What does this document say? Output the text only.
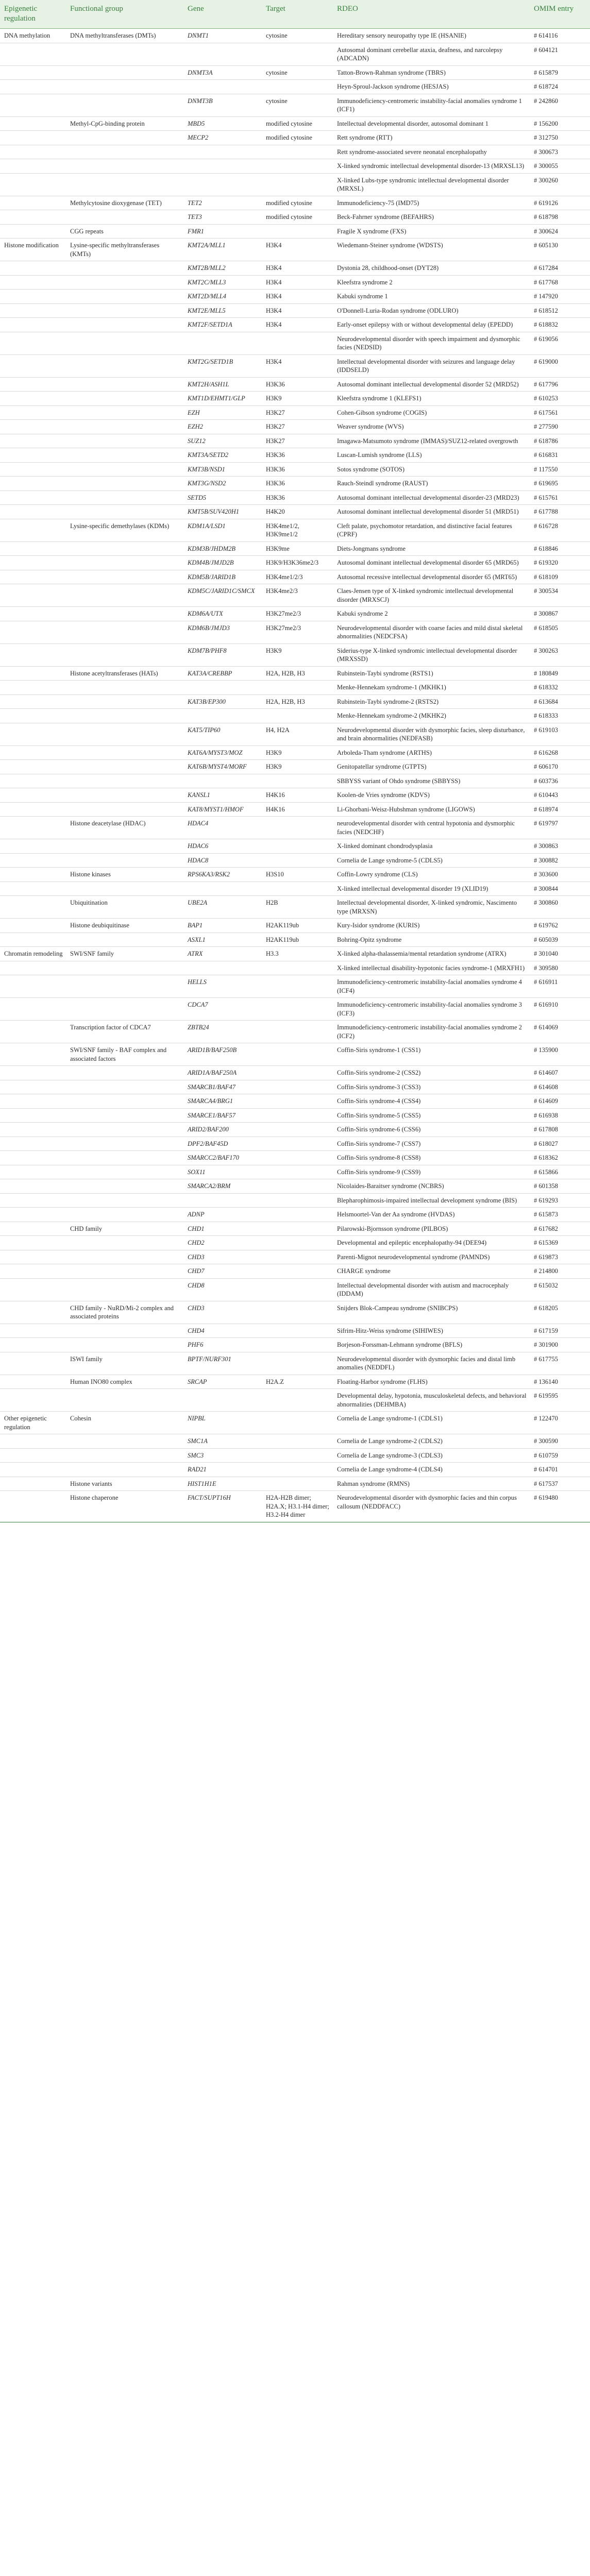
Epigenetic regulation	Functional group	Gene	Target	RDEO	OMIM entry
DNA methylation	DNA methyltransferases (DMTs)	DNMT1	cytosine	Hereditary sensory neuropathy type IE (HSANIE)	# 614116
				Autosomal dominant cerebellar ataxia, deafness, and narcolepsy (ADCADN)	# 604121
		DNMT3A	cytosine	Tatton-Brown-Rahman syndrome (TBRS)	# 615879
				Heyn-Sproul-Jackson syndrome (HESJAS)	# 618724
		DNMT3B	cytosine	Immunodeficiency-centromeric instability-facial anomalies syndrome 1 (ICF1)	# 242860
	Methyl-CpG-binding protein	MBD5	modified cytosine	Intellectual developmental disorder, autosomal dominant 1	# 156200
		MECP2	modified cytosine	Rett syndrome (RTT)	# 312750
				Rett syndrome-associated severe neonatal encephalopathy	# 300673
				X-linked syndromic intellectual developmental disorder-13 (MRXSL13)	# 300055
				X-linked Lubs-type syndromic intellectual developmental disorder (MRXSL)	# 300260
	Methylcytosine dioxygenase (TET)	TET2	modified cytosine	Immunodeficiency-75 (IMD75)	# 619126
		TET3	modified cytosine	Beck-Fahrner syndrome (BEFAHRS)	# 618798
	CGG repeats	FMR1		Fragile X syndrome (FXS)	# 300624
Histone modification	Lysine-specific methyltransferases (KMTs)	KMT2A/MLL1	H3K4	Wiedemann-Steiner syndrome (WDSTS)	# 605130
		KMT2B/MLL2	H3K4	Dystonia 28, childhood-onset (DYT28)	# 617284
		KMT2C/MLL3	H3K4	Kleefstra syndrome 2	# 617768
		KMT2D/MLL4	H3K4	Kabuki syndrome 1	# 147920
		KMT2E/MLL5	H3K4	O'Donnell-Luria-Rodan syndrome (ODLURO)	# 618512
		KMT2F/SETD1A	H3K4	Early-onset epilepsy with or without developmental delay (EPEDD)	# 618832
				Neurodevelopmental disorder with speech impairment and dysmorphic facies (NEDSID)	# 619056
		KMT2G/SETD1B	H3K4	Intellectual developmental disorder with seizures and language delay (IDDSELD)	# 619000
		KMT2H/ASH1L	H3K36	Autosomal dominant intellectual developmental disorder 52 (MRD52)	# 617796
		KMT1D/EHMT1/GLP	H3K9	Kleefstra syndrome 1 (KLEFS1)	# 610253
		EZH	H3K27	Cohen-Gibson syndrome (COGIS)	# 617561
		EZH2	H3K27	Weaver syndrome (WVS)	# 277590
		SUZ12	H3K27	Imagawa-Matsumoto syndrome (IMMAS)/SUZ12-related overgrowth	# 618786
		KMT3A/SETD2	H3K36	Luscan-Lumish syndrome (LLS)	# 616831
		KMT3B/NSD1	H3K36	Sotos syndrome (SOTOS)	# 117550
		KMT3G/NSD2	H3K36	Rauch-Steindl syndrome (RAUST)	# 619695
		SETD5	H3K36	Autosomal dominant intellectual developmental disorder-23 (MRD23)	# 615761
		KMT5B/SUV420H1	H4K20	Autosomal dominant intellectual developmental disorder 51 (MRD51)	# 617788
	Lysine-specific demethylases (KDMs)	KDM1A/LSD1	H3K4me1/2, H3K9me1/2	Cleft palate, psychomotor retardation, and distinctive facial features (CPRF)	# 616728
		KDM3B/JHDM2B	H3K9me	Diets-Jongmans syndrome	# 618846
		KDM4B/JMJD2B	H3K9/H3K36me2/3	Autosomal dominant intellectual developmental disorder 65 (MRD65)	# 619320
		KDM5B/JARID1B	H3K4me1/2/3	Autosomal recessive intellectual developmental disorder 65 (MRT65)	# 618109
		KDM5C/JARID1C/SMCX	H3K4me2/3	Claes-Jensen type of X-linked syndromic intellectual developmental disorder (MRXSCJ)	# 300534
		KDM6A/UTX	H3K27me2/3	Kabuki syndrome 2	# 300867
		KDM6B/JMJD3	H3K27me2/3	Neurodevelopmental disorder with coarse facies and mild distal skeletal abnormalities (NEDCFSA)	# 618505
		KDM7B/PHF8	H3K9	Siderius-type X-linked syndromic intellectual developmental disorder (MRXSSD)	# 300263
	Histone acetyltransferases (HATs)	KAT3A/CREBBP	H2A, H2B, H3	Rubinstein-Taybi syndrome (RSTS1)	# 180849
				Menke-Hennekam syndrome-1 (MKHK1)	# 618332
		KAT3B/EP300	H2A, H2B, H3	Rubinstein-Taybi syndrome-2 (RSTS2)	# 613684
				Menke-Hennekam syndrome-2 (MKHK2)	# 618333
		KAT5/TIP60	H4, H2A	Neurodevelopmental disorder with dysmorphic facies, sleep disturbance, and brain abnormalities (NEDFASB)	# 619103
		KAT6A/MYST3/MOZ	H3K9	Arboleda-Tham syndrome (ARTHS)	# 616268
		KAT6B/MYST4/MORF	H3K9	Genitopatellar syndrome (GTPTS)	# 606170
				SBBYSS variant of Ohdo syndrome (SBBYSS)	# 603736
		KANSL1	H4K16	Koolen-de Vries syndrome (KDVS)	# 610443
		KAT8/MYST1/HMOF	H4K16	Li-Ghorbani-Weisz-Hubshman syndrome (LIGOWS)	# 618974
	Histone deacetylase (HDAC)	HDAC4		neurodevelopmental disorder with central hypotonia and dysmorphic facies (NEDCHF)	# 619797
		HDAC6		X-linked dominant chondrodysplasia	# 300863
		HDAC8		Cornelia de Lange syndrome-5 (CDLS5)	# 300882
	Histone kinases	RPS6KA3/RSK2	H3S10	Coffin-Lowry syndrome (CLS)	# 303600
				X-linked intellectual developmental disorder 19 (XLID19)	# 300844
	Ubiquitination	UBE2A	H2B	Intellectual developmental disorder, X-linked syndromic, Nascimento type (MRXSN)	# 300860
	Histone deubiquitinase	BAP1	H2AK119ub	Kury-Isidor syndrome (KURIS)	# 619762
		ASXL1	H2AK119ub	Bohring-Opitz syndrome	# 605039
Chromatin remodeling	SWI/SNF family	ATRX	H3.3	X-linked alpha-thalassemia/mental retardation syndrome (ATRX)	# 301040
				X-linked intellectual disability-hypotonic facies syndrome-1 (MRXFH1)	# 309580
		HELLS		Immunodeficiency-centromeric instability-facial anomalies syndrome 4 (ICF4)	# 616911
		CDCA7		Immunodeficiency-centromeric instability-facial anomalies syndrome 3 (ICF3)	# 616910
	Transcription factor of CDCA7	ZBTB24		Immunodeficiency-centromeric instability-facial anomalies syndrome 2 (ICF2)	# 614069
	SWI/SNF family - BAF complex and associated factors	ARID1B/BAF250B		Coffin-Siris syndrome-1 (CSS1)	# 135900
		ARID1A/BAF250A		Coffin-Siris syndrome-2 (CSS2)	# 614607
		SMARCB1/BAF47		Coffin-Siris syndrome-3 (CSS3)	# 614608
		SMARCA4/BRG1		Coffin-Siris syndrome-4 (CSS4)	# 614609
		SMARCE1/BAF57		Coffin-Siris syndrome-5 (CSS5)	# 616938
		ARID2/BAF200		Coffin-Siris syndrome-6 (CSS6)	# 617808
		DPF2/BAF45D		Coffin-Siris syndrome-7 (CSS7)	# 618027
		SMARCC2/BAF170		Coffin-Siris syndrome-8 (CSS8)	# 618362
		SOX11		Coffin-Siris syndrome-9 (CSS9)	# 615866
		SMARCA2/BRM		Nicolaides-Baraitser syndrome (NCBRS)	# 601358
				Blepharophimosis-impaired intellectual development syndrome (BIS)	# 619293
		ADNP		Helsmoortel-Van der Aa syndrome (HVDAS)	# 615873
	CHD family	CHD1		Pilarowski-Bjornsson syndrome (PILBOS)	# 617682
		CHD2		Developmental and epileptic encephalopathy-94 (DEE94)	# 615369
		CHD3		Parenti-Mignot neurodevelopmental syndrome (PAMNDS)	# 619873
		CHD7		CHARGE syndrome	# 214800
		CHD8		Intellectual developmental disorder with autism and macrocephaly (IDDAM)	# 615032
	CHD family - NuRD/Mi-2 complex and associated proteins	CHD3		Snijders Blok-Campeau syndrome (SNIBCPS)	# 618205
		CHD4		Sifrim-Hitz-Weiss syndrome (SIHIWES)	# 617159
		PHF6		Borjeson-Forssman-Lehmann syndrome (BFLS)	# 301900
	ISWI family	BPTF/NURF301		Neurodevelopmental disorder with dysmorphic facies and distal limb anomalies (NEDDFL)	# 617755
	Human INO80 complex	SRCAP	H2A.Z	Floating-Harbor syndrome (FLHS)	# 136140
				Developmental delay, hypotonia, musculoskeletal defects, and behavioral abnormalities (DEHMBA)	# 619595
Other epigenetic regulation	Cohesin	NIPBL		Cornelia de Lange syndrome-1 (CDLS1)	# 122470
		SMC1A		Cornelia de Lange syndrome-2 (CDLS2)	# 300590
		SMC3		Cornelia de Lange syndrome-3 (CDLS3)	# 610759
		RAD21		Cornelia de Lange syndrome-4 (CDLS4)	# 614701
	Histone variants	HIST1H1E		Rahman syndrome (RMNS)	# 617537
	Histone chaperone	FACT/SUPT16H	H2A-H2B dimer; H2A.X; H3.1-H4 dimer; H3.2-H4 dimer	Neurodevelopmental disorder with dysmorphic facies and thin corpus callosum (NEDDFACC)	# 619480
